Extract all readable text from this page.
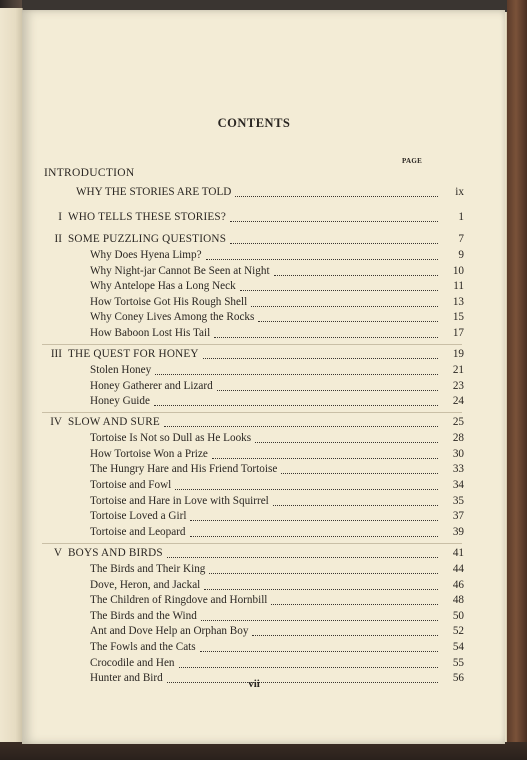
CONTENTS
PAGE
INTRODUCTION
WHY THE STORIES ARE TOLD	ix
I WHO TELLS THESE STORIES?	1
II SOME PUZZLING QUESTIONS	7
Why Does Hyena Limp?	9
Why Night-jar Cannot Be Seen at Night	10
Why Antelope Has a Long Neck	11
How Tortoise Got His Rough Shell	13
Why Coney Lives Among the Rocks	15
How Baboon Lost His Tail	17
III THE QUEST FOR HONEY	19
Stolen Honey	21
Honey Gatherer and Lizard	23
Honey Guide	24
IV SLOW AND SURE	25
Tortoise Is Not so Dull as He Looks	28
How Tortoise Won a Prize	30
The Hungry Hare and His Friend Tortoise	33
Tortoise and Fowl	34
Tortoise and Hare in Love with Squirrel	35
Tortoise Loved a Girl	37
Tortoise and Leopard	39
V BOYS AND BIRDS	41
The Birds and Their King	44
Dove, Heron, and Jackal	46
The Children of Ringdove and Hornbill	48
The Birds and the Wind	50
Ant and Dove Help an Orphan Boy	52
The Fowls and the Cats	54
Crocodile and Hen	55
Hunter and Bird	56
vii
